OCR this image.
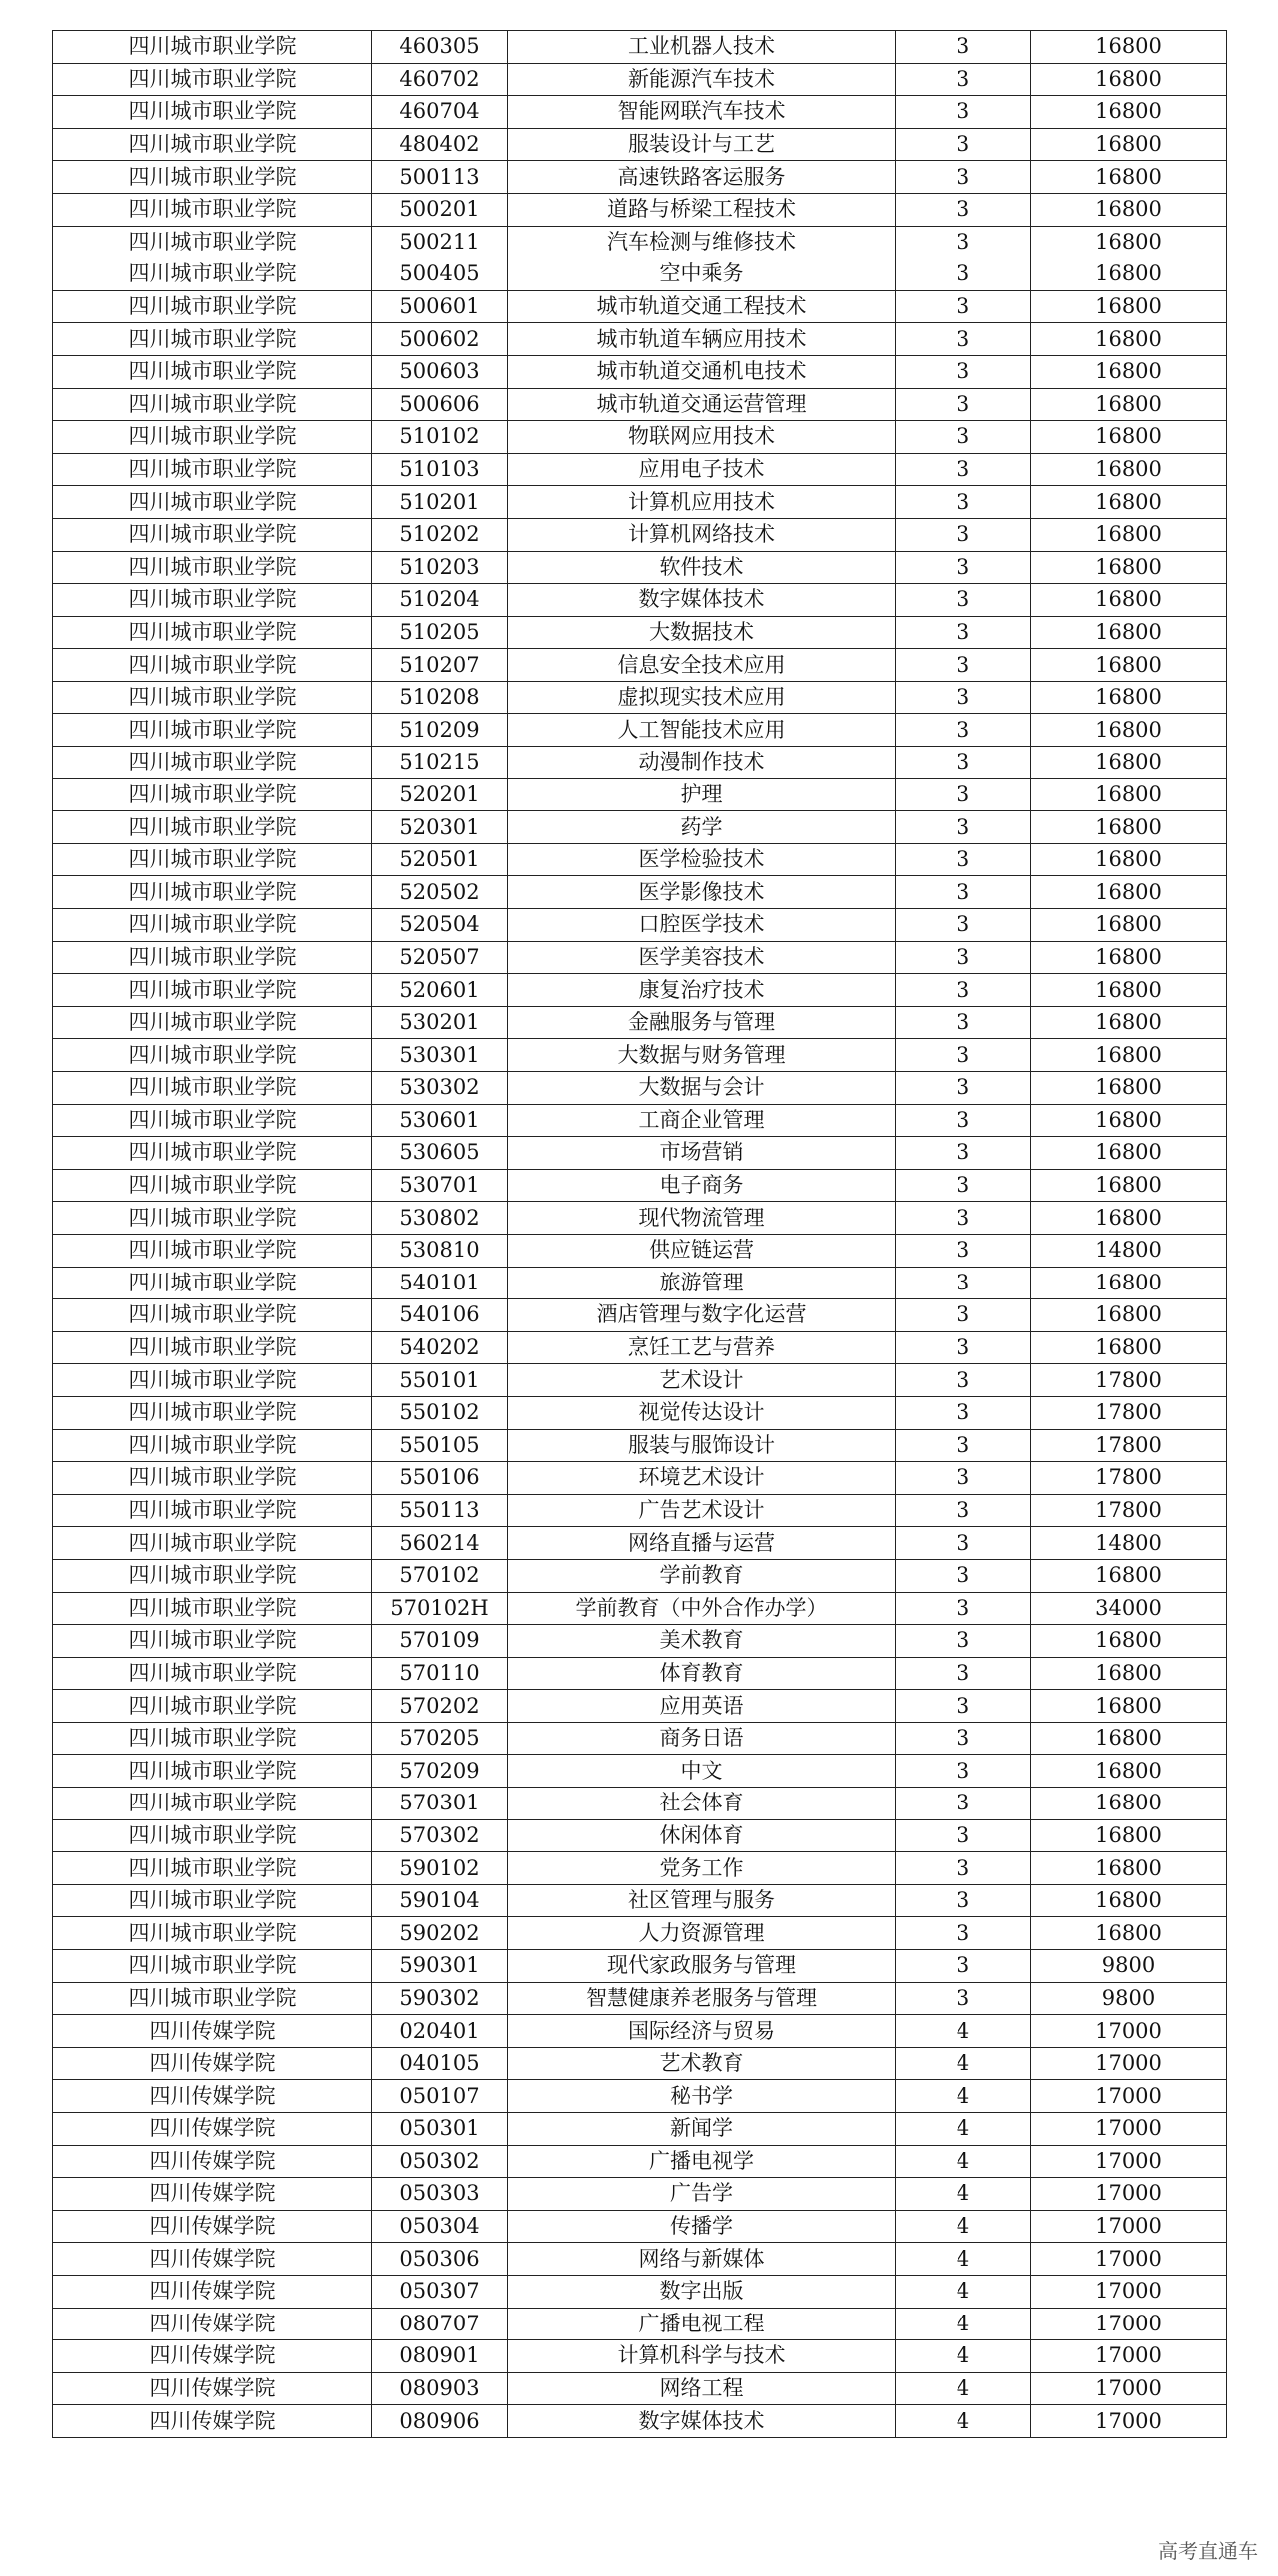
四川城市职业学院	460305	工业机器人技术	3	16800
四川城市职业学院	460702	新能源汽车技术	3	16800
四川城市职业学院	460704	智能网联汽车技术	3	16800
四川城市职业学院	480402	服装设计与工艺	3	16800
四川城市职业学院	500113	高速铁路客运服务	3	16800
四川城市职业学院	500201	道路与桥梁工程技术	3	16800
四川城市职业学院	500211	汽车检测与维修技术	3	16800
四川城市职业学院	500405	空中乘务	3	16800
四川城市职业学院	500601	城市轨道交通工程技术	3	16800
四川城市职业学院	500602	城市轨道车辆应用技术	3	16800
四川城市职业学院	500603	城市轨道交通机电技术	3	16800
四川城市职业学院	500606	城市轨道交通运营管理	3	16800
四川城市职业学院	510102	物联网应用技术	3	16800
四川城市职业学院	510103	应用电子技术	3	16800
四川城市职业学院	510201	计算机应用技术	3	16800
四川城市职业学院	510202	计算机网络技术	3	16800
四川城市职业学院	510203	软件技术	3	16800
四川城市职业学院	510204	数字媒体技术	3	16800
四川城市职业学院	510205	大数据技术	3	16800
四川城市职业学院	510207	信息安全技术应用	3	16800
四川城市职业学院	510208	虚拟现实技术应用	3	16800
四川城市职业学院	510209	人工智能技术应用	3	16800
四川城市职业学院	510215	动漫制作技术	3	16800
四川城市职业学院	520201	护理	3	16800
四川城市职业学院	520301	药学	3	16800
四川城市职业学院	520501	医学检验技术	3	16800
四川城市职业学院	520502	医学影像技术	3	16800
四川城市职业学院	520504	口腔医学技术	3	16800
四川城市职业学院	520507	医学美容技术	3	16800
四川城市职业学院	520601	康复治疗技术	3	16800
四川城市职业学院	530201	金融服务与管理	3	16800
四川城市职业学院	530301	大数据与财务管理	3	16800
四川城市职业学院	530302	大数据与会计	3	16800
四川城市职业学院	530601	工商企业管理	3	16800
四川城市职业学院	530605	市场营销	3	16800
四川城市职业学院	530701	电子商务	3	16800
四川城市职业学院	530802	现代物流管理	3	16800
四川城市职业学院	530810	供应链运营	3	14800
四川城市职业学院	540101	旅游管理	3	16800
四川城市职业学院	540106	酒店管理与数字化运营	3	16800
四川城市职业学院	540202	烹饪工艺与营养	3	16800
四川城市职业学院	550101	艺术设计	3	17800
四川城市职业学院	550102	视觉传达设计	3	17800
四川城市职业学院	550105	服装与服饰设计	3	17800
四川城市职业学院	550106	环境艺术设计	3	17800
四川城市职业学院	550113	广告艺术设计	3	17800
四川城市职业学院	560214	网络直播与运营	3	14800
四川城市职业学院	570102	学前教育	3	16800
四川城市职业学院	570102H	学前教育（中外合作办学）	3	34000
四川城市职业学院	570109	美术教育	3	16800
四川城市职业学院	570110	体育教育	3	16800
四川城市职业学院	570202	应用英语	3	16800
四川城市职业学院	570205	商务日语	3	16800
四川城市职业学院	570209	中文	3	16800
四川城市职业学院	570301	社会体育	3	16800
四川城市职业学院	570302	休闲体育	3	16800
四川城市职业学院	590102	党务工作	3	16800
四川城市职业学院	590104	社区管理与服务	3	16800
四川城市职业学院	590202	人力资源管理	3	16800
四川城市职业学院	590301	现代家政服务与管理	3	9800
四川城市职业学院	590302	智慧健康养老服务与管理	3	9800
四川传媒学院	020401	国际经济与贸易	4	17000
四川传媒学院	040105	艺术教育	4	17000
四川传媒学院	050107	秘书学	4	17000
四川传媒学院	050301	新闻学	4	17000
四川传媒学院	050302	广播电视学	4	17000
四川传媒学院	050303	广告学	4	17000
四川传媒学院	050304	传播学	4	17000
四川传媒学院	050306	网络与新媒体	4	17000
四川传媒学院	050307	数字出版	4	17000
四川传媒学院	080707	广播电视工程	4	17000
四川传媒学院	080901	计算机科学与技术	4	17000
四川传媒学院	080903	网络工程	4	17000
四川传媒学院	080906	数字媒体技术	4	17000
高考直通车
